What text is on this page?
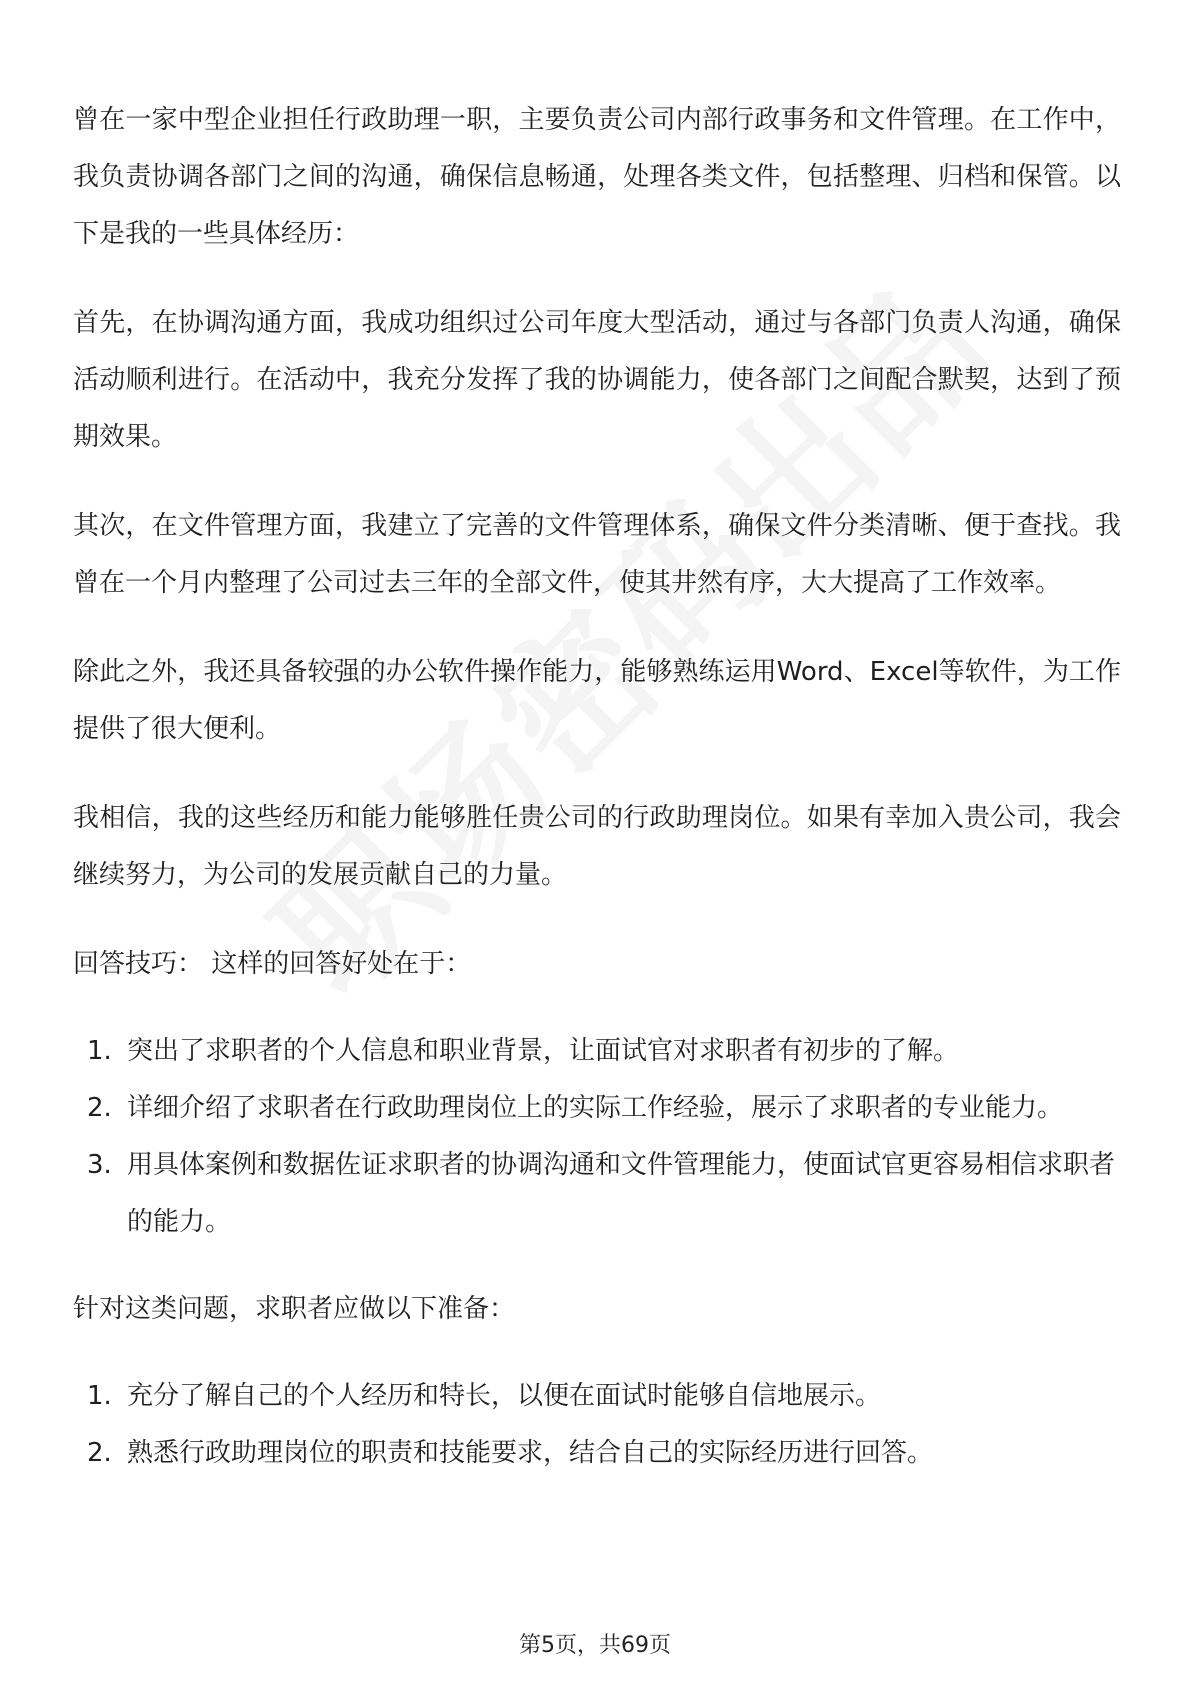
曾在一家中型企业担任行政助理一职，主要负责公司内部行政事务和文件管理。在工作中，我负责协调各部门之间的沟通，确保信息畅通，处理各类文件，包括整理、归档和保管。以下是我的一些具体经历：

首先，在协调沟通方面，我成功组织过公司年度大型活动，通过与各部门负责人沟通，确保活动顺利进行。在活动中，我充分发挥了我的协调能力，使各部门之间配合默契，达到了预期效果。

其次，在文件管理方面，我建立了完善的文件管理体系，确保文件分类清晰、便于查找。我曾在一个月内整理了公司过去三年的全部文件，使其井然有序，大大提高了工作效率。

除此之外，我还具备较强的办公软件操作能力，能够熟练运用Word、Excel等软件，为工作提供了很大便利。

我相信，我的这些经历和能力能够胜任贵公司的行政助理岗位。如果有幸加入贵公司，我会继续努力，为公司的发展贡献自己的力量。

回答技巧： 这样的回答好处在于：

1. 突出了求职者的个人信息和职业背景，让面试官对求职者有初步的了解。
2. 详细介绍了求职者在行政助理岗位上的实际工作经验，展示了求职者的专业能力。
3. 用具体案例和数据佐证求职者的协调沟通和文件管理能力，使面试官更容易相信求职者的能力。

针对这类问题，求职者应做以下准备：

1. 充分了解自己的个人经历和特长，以便在面试时能够自信地展示。
2. 熟悉行政助理岗位的职责和技能要求，结合自己的实际经历进行回答。
第5页，共69页
